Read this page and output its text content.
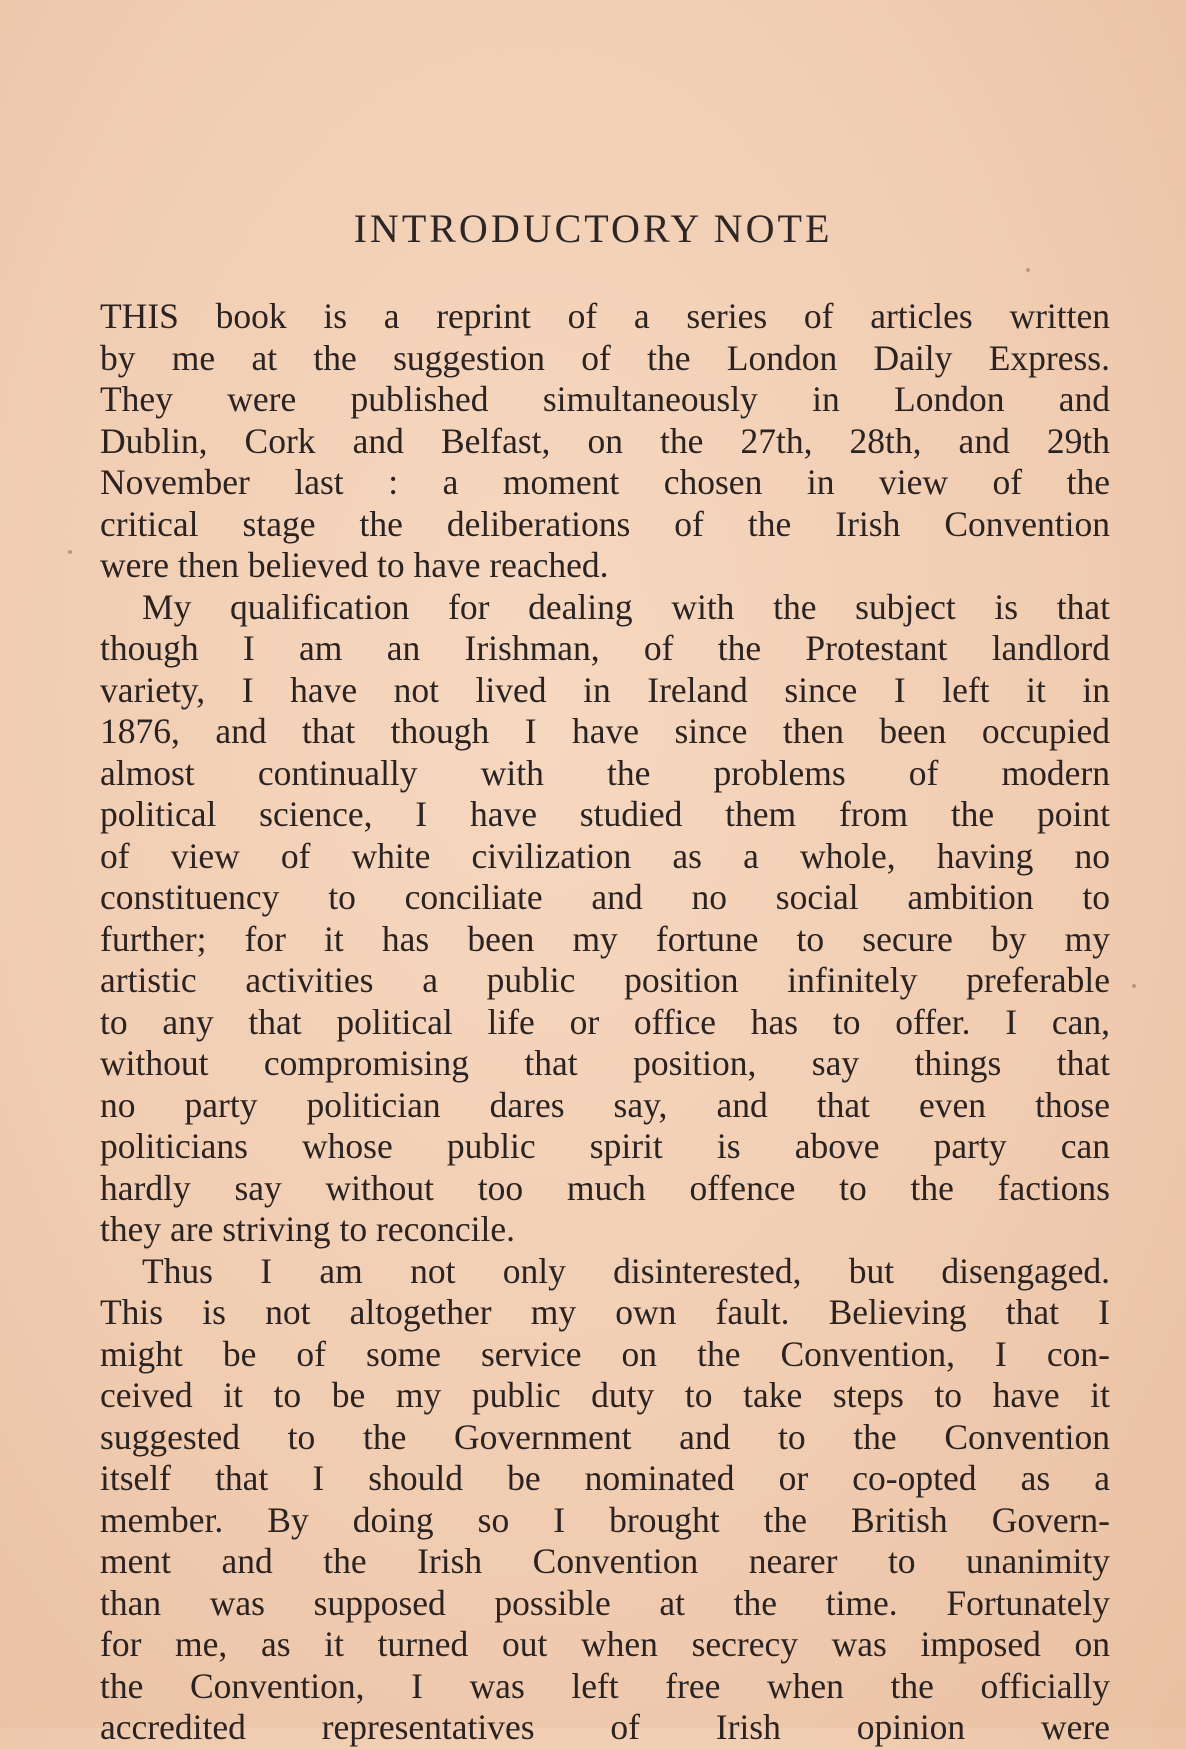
INTRODUCTORY NOTE
THIS book is a reprint of a series of articles written
by me at the suggestion of the London Daily Express.
They were published simultaneously in London and
Dublin, Cork and Belfast, on the 27th, 28th, and 29th
November last : a moment chosen in view of the
critical stage the deliberations of the Irish Convention
were then believed to have reached.
My qualification for dealing with the subject is that
though I am an Irishman, of the Protestant landlord
variety, I have not lived in Ireland since I left it in
1876, and that though I have since then been occupied
almost continually with the problems of modern
political science, I have studied them from the point
of view of white civilization as a whole, having no
constituency to conciliate and no social ambition to
further; for it has been my fortune to secure by my
artistic activities a public position infinitely preferable
to any that political life or office has to offer. I can,
without compromising that position, say things that
no party politician dares say, and that even those
politicians whose public spirit is above party can
hardly say without too much offence to the factions
they are striving to reconcile.
Thus I am not only disinterested, but disengaged.
This is not altogether my own fault. Believing that I
might be of some service on the Convention, I con-
ceived it to be my public duty to take steps to have it
suggested to the Government and to the Convention
itself that I should be nominated or co-opted as a
member. By doing so I brought the British Govern-
ment and the Irish Convention nearer to unanimity
than was supposed possible at the time. Fortunately
for me, as it turned out when secrecy was imposed on
the Convention, I was left free when the officially
accredited representatives of Irish opinion were
